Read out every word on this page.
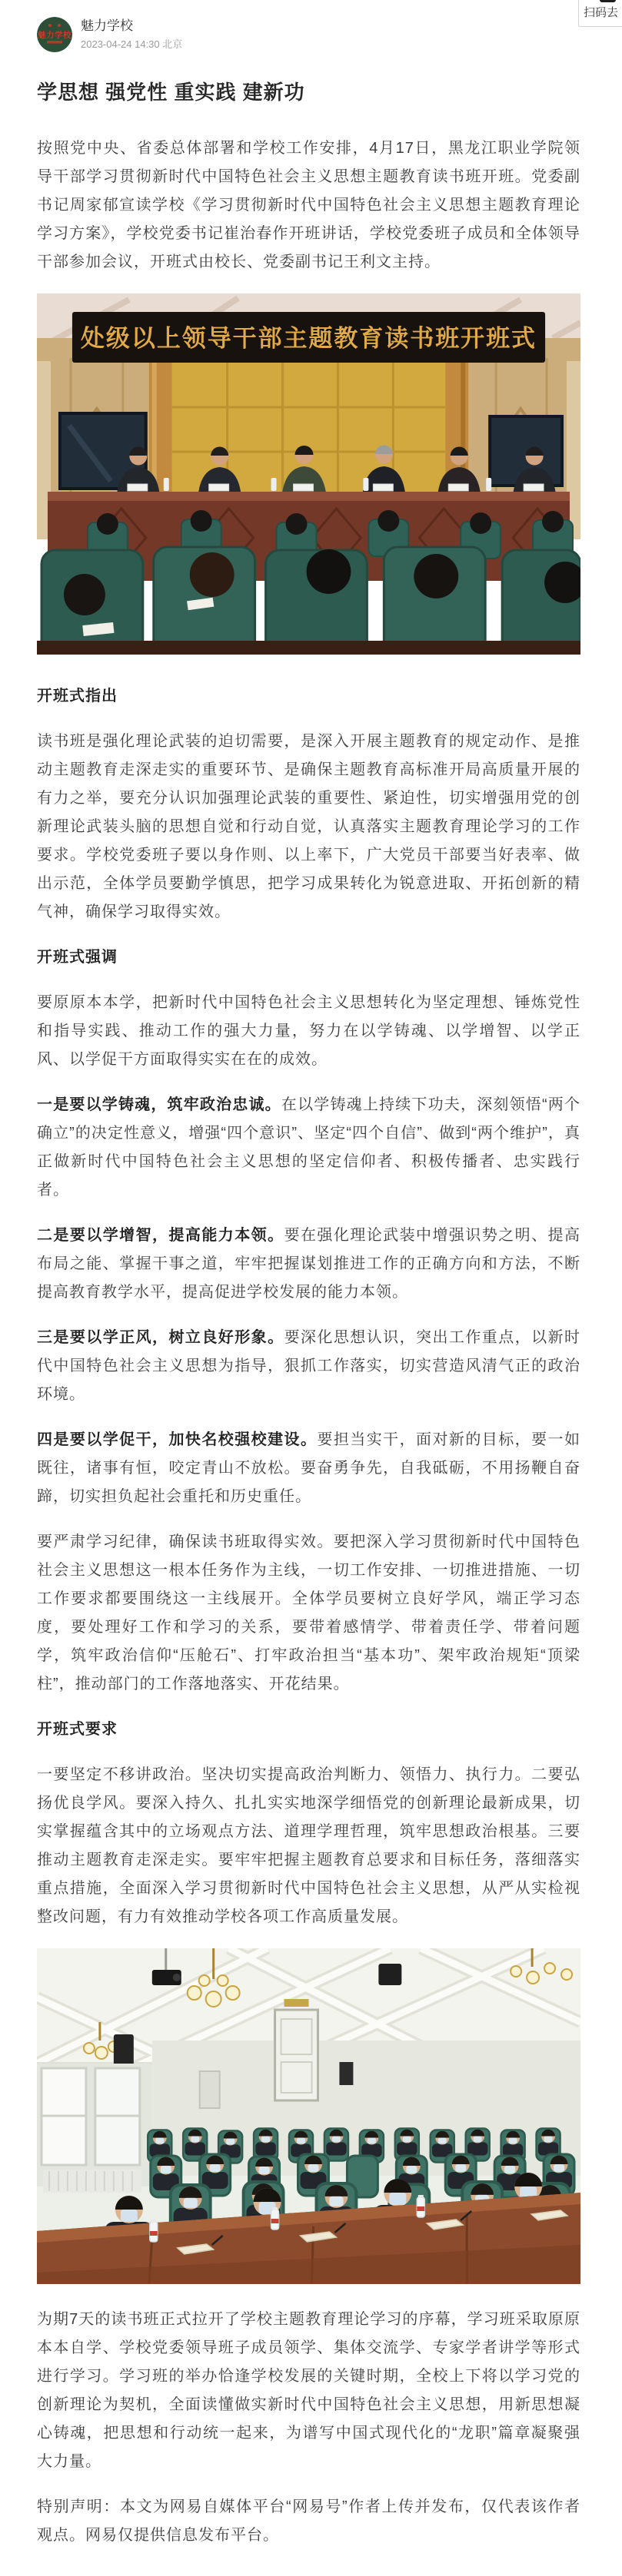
扫码去
魅力学校
魅力学校
2023-04-24 14:30 北京
学思想 强党性 重实践 建新功

按照党中央、省委总体部署和学校工作安排，4月17日，黑龙江职业学院领导干部学习贯彻新时代中国特色社会主义思想主题教育读书班开班。党委副书记周家郁宣读学校《学习贯彻新时代中国特色社会主义思想主题教育理论学习方案》，学校党委书记崔治春作开班讲话，学校党委班子成员和全体领导干部参加会议，开班式由校长、党委副书记王利文主持。

处级以上领导干部主题教育读书班开班式

开班式指出

读书班是强化理论武装的迫切需要，是深入开展主题教育的规定动作、是推动主题教育走深走实的重要环节、是确保主题教育高标准开局高质量开展的有力之举，要充分认识加强理论武装的重要性、紧迫性，切实增强用党的创新理论武装头脑的思想自觉和行动自觉，认真落实主题教育理论学习的工作要求。学校党委班子要以身作则、以上率下，广大党员干部要当好表率、做出示范，全体学员要勤学慎思，把学习成果转化为锐意进取、开拓创新的精气神，确保学习取得实效。

开班式强调

要原原本本学，把新时代中国特色社会主义思想转化为坚定理想、锤炼党性和指导实践、推动工作的强大力量，努力在以学铸魂、以学增智、以学正风、以学促干方面取得实实在在的成效。

一是要以学铸魂，筑牢政治忠诚。在以学铸魂上持续下功夫，深刻领悟“两个确立”的决定性意义，增强“四个意识”、坚定“四个自信”、做到“两个维护”，真正做新时代中国特色社会主义思想的坚定信仰者、积极传播者、忠实践行者。

二是要以学增智，提高能力本领。要在强化理论武装中增强识势之明、提高布局之能、掌握干事之道，牢牢把握谋划推进工作的正确方向和方法，不断提高教育教学水平，提高促进学校发展的能力本领。

三是要以学正风，树立良好形象。要深化思想认识，突出工作重点，以新时代中国特色社会主义思想为指导，狠抓工作落实，切实营造风清气正的政治环境。

四是要以学促干，加快名校强校建设。要担当实干，面对新的目标，要一如既往，诸事有恒，咬定青山不放松。要奋勇争先，自我砥砺，不用扬鞭自奋蹄，切实担负起社会重托和历史重任。

要严肃学习纪律，确保读书班取得实效。要把深入学习贯彻新时代中国特色社会主义思想这一根本任务作为主线，一切工作安排、一切推进措施、一切工作要求都要围绕这一主线展开。全体学员要树立良好学风，端正学习态度，要处理好工作和学习的关系，要带着感情学、带着责任学、带着问题学，筑牢政治信仰“压舱石”、打牢政治担当“基本功”、架牢政治规矩“顶梁柱”，推动部门的工作落地落实、开花结果。

开班式要求

一要坚定不移讲政治。坚决切实提高政治判断力、领悟力、执行力。二要弘扬优良学风。要深入持久、扎扎实实地深学细悟党的创新理论最新成果，切实掌握蕴含其中的立场观点方法、道理学理哲理，筑牢思想政治根基。三要推动主题教育走深走实。要牢牢把握主题教育总要求和目标任务，落细落实重点措施，全面深入学习贯彻新时代中国特色社会主义思想，从严从实检视整改问题，有力有效推动学校各项工作高质量发展。

为期7天的读书班正式拉开了学校主题教育理论学习的序幕，学习班采取原原本本自学、学校党委领导班子成员领学、集体交流学、专家学者讲学等形式进行学习。学习班的举办恰逢学校发展的关键时期，全校上下将以学习党的创新理论为契机，全面读懂做实新时代中国特色社会主义思想，用新思想凝心铸魂，把思想和行动统一起来，为谱写中国式现代化的“龙职”篇章凝聚强大力量。

特别声明：本文为网易自媒体平台“网易号”作者上传并发布，仅代表该作者观点。网易仅提供信息发布平台。
